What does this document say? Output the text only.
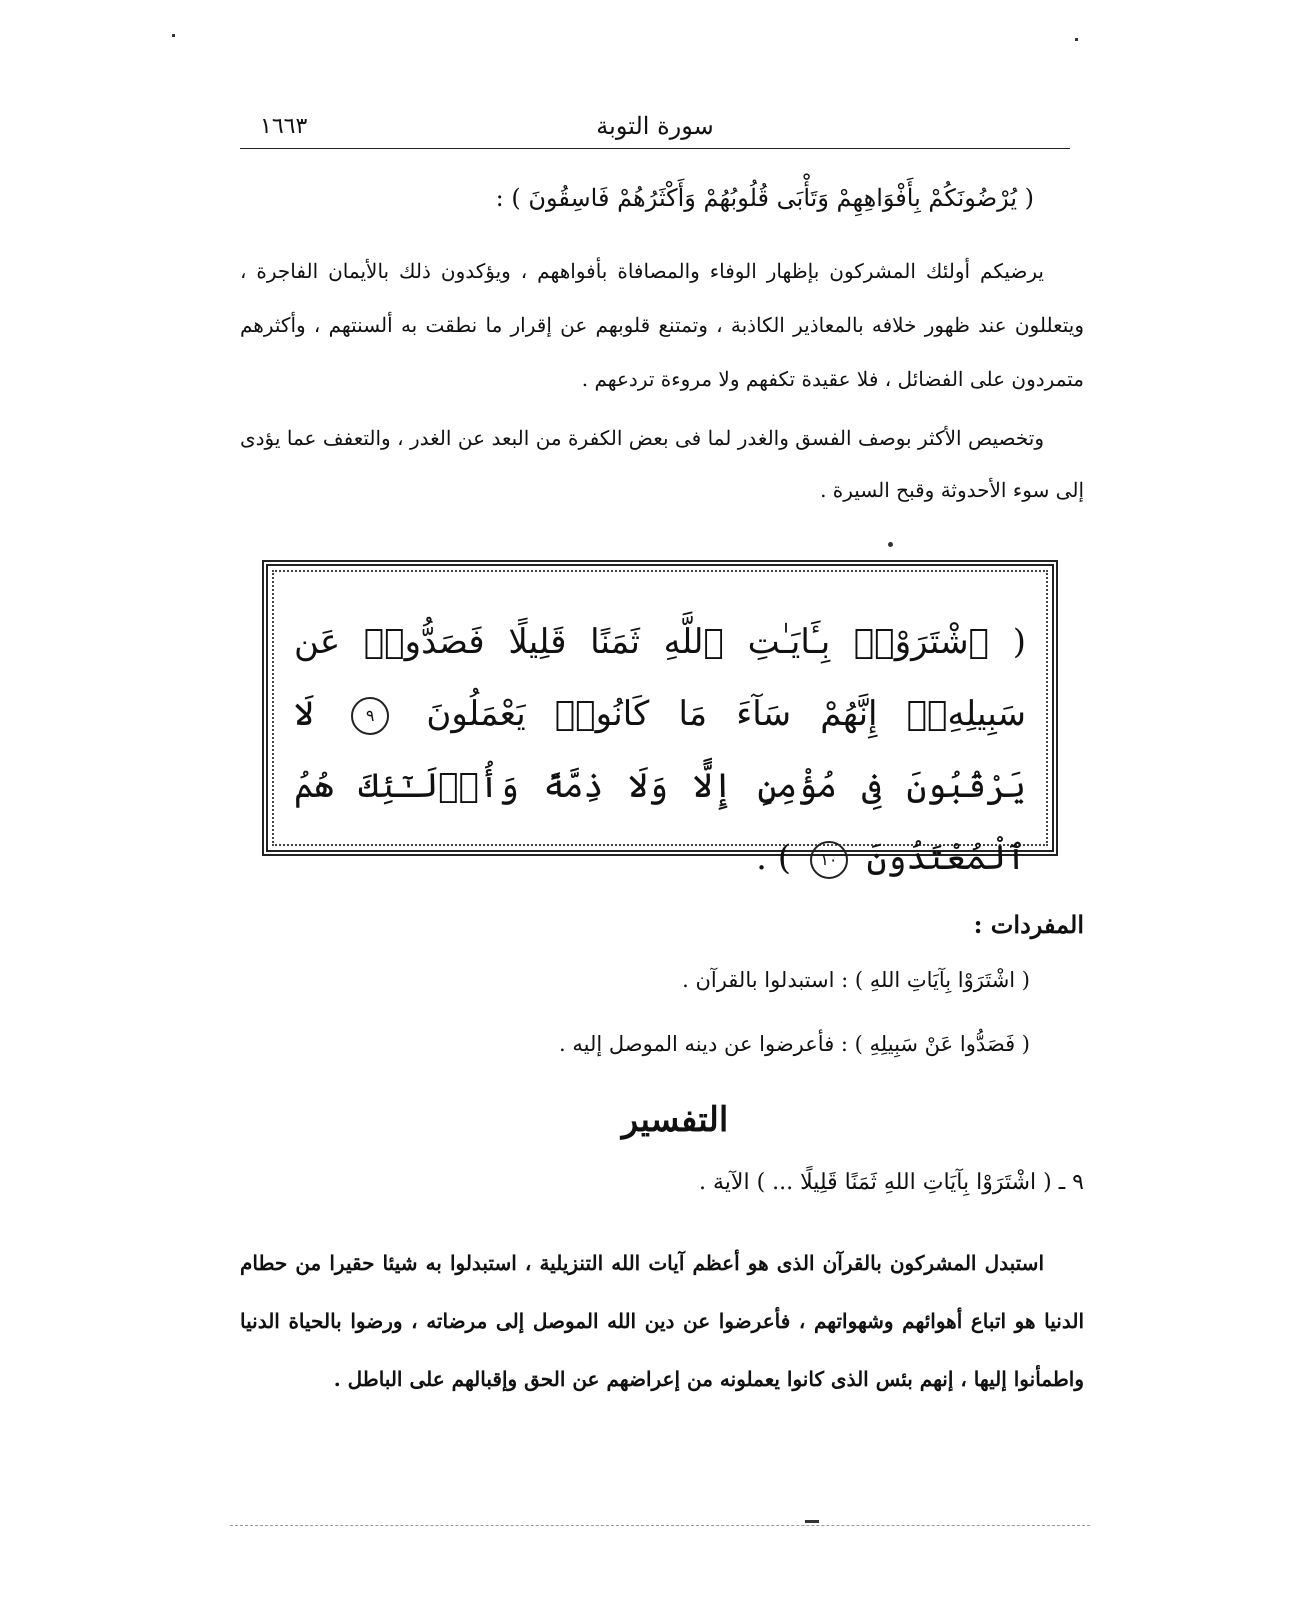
١٦٦٣	سورة التوبة
( يُرْضُونَكُمْ بِأَفْوَاهِهِمْ وَتَأْبَى قُلُوبُهُمْ وَأَكْثَرُهُمْ فَاسِقُونَ ) :
يرضيكم أولئك المشركون بإظهار الوفاء والمصافاة بأفواههم ، ويؤكدون ذلك بالأيمان الفاجرة ، ويتعللون عند ظهور خلافه بالمعاذير الكاذبة ، وتمتنع قلوبهم عن إقرار ما نطقت به ألسنتهم ، وأكثرهم متمردون على الفضائل ، فلا عقيدة تكفهم ولا مروءة تردعهم .
وتخصيص الأكثر بوصف الفسق والغدر لما فى بعض الكفرة من البعد عن الغدر ، والتعفف عما يؤدى إلى سوء الأحدوثة وقبح السيرة .
( ٱشْتَرَوْا۟ بِـَٔايَـٰتِ ٱللَّهِ ثَمَنًا قَلِيلًا فَصَدُّوا۟ عَن سَبِيلِهِۦٓ إِنَّهُمْ سَآءَ مَا كَانُوا۟ يَعْمَلُونَ ٩ لَا يَرْقُبُونَ فِى مُؤْمِنٍ إِلًّا وَلَا ذِمَّةً وَأُو۟لَـٰٓئِكَ هُمُ ٱلْمُعْتَدُونَ ١٠ ) .
المفردات :
( اشْتَرَوْا بِآيَاتِ اللهِ ) : استبدلوا بالقرآن .
( فَصَدُّوا عَنْ سَبِيلِهِ ) : فأعرضوا عن دينه الموصل إليه .
التفسير
٩ ـ ( اشْتَرَوْا بِآيَاتِ اللهِ ثَمَنًا قَلِيلًا ... ) الآية .
استبدل المشركون بالقرآن الذى هو أعظم آيات الله التنزيلية ، استبدلوا به شيئا حقيرا من حطام الدنيا هو اتباع أهوائهم وشهواتهم ، فأعرضوا عن دين الله الموصل إلى مرضاته ، ورضوا بالحياة الدنيا واطمأنوا إليها ، إنهم بئس الذى كانوا يعملونه من إعراضهم عن الحق وإقبالهم على الباطل .
